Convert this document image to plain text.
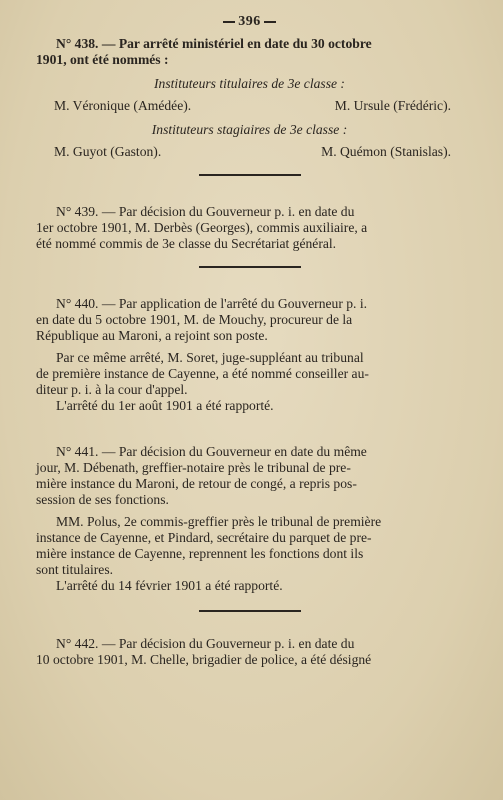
396

N° 438. — Par arrêté ministériel en date du 30 octobre

1901, ont été nommés :

Instituteurs titulaires de 3e classe :

M. Véronique (Amédée).	M. Ursule (Frédéric).

Instituteurs stagiaires de 3e classe :

M. Guyot (Gaston).	M. Quémon (Stanislas).

N° 439. — Par décision du Gouverneur p. i. en date du

1er octobre 1901, M. Derbès (Georges), commis auxiliaire, a

été nommé commis de 3e classe du Secrétariat général.

N° 440. — Par application de l'arrêté du Gouverneur p. i.

en date du 5 octobre 1901, M. de Mouchy, procureur de la

République au Maroni, a rejoint son poste.

Par ce même arrêté, M. Soret, juge-suppléant au tribunal

de première instance de Cayenne, a été nommé conseiller au-

diteur p. i. à la cour d'appel.

L'arrêté du 1er août 1901 a été rapporté.

N° 441. — Par décision du Gouverneur en date du même

jour, M. Débenath, greffier-notaire près le tribunal de pre-

mière instance du Maroni, de retour de congé, a repris pos-

session de ses fonctions.

MM. Polus, 2e commis-greffier près le tribunal de première

instance de Cayenne, et Pindard, secrétaire du parquet de pre-

mière instance de Cayenne, reprennent les fonctions dont ils

sont titulaires.

L'arrêté du 14 février 1901 a été rapporté.

N° 442. — Par décision du Gouverneur p. i. en date du

10 octobre 1901, M. Chelle, brigadier de police, a été désigné
